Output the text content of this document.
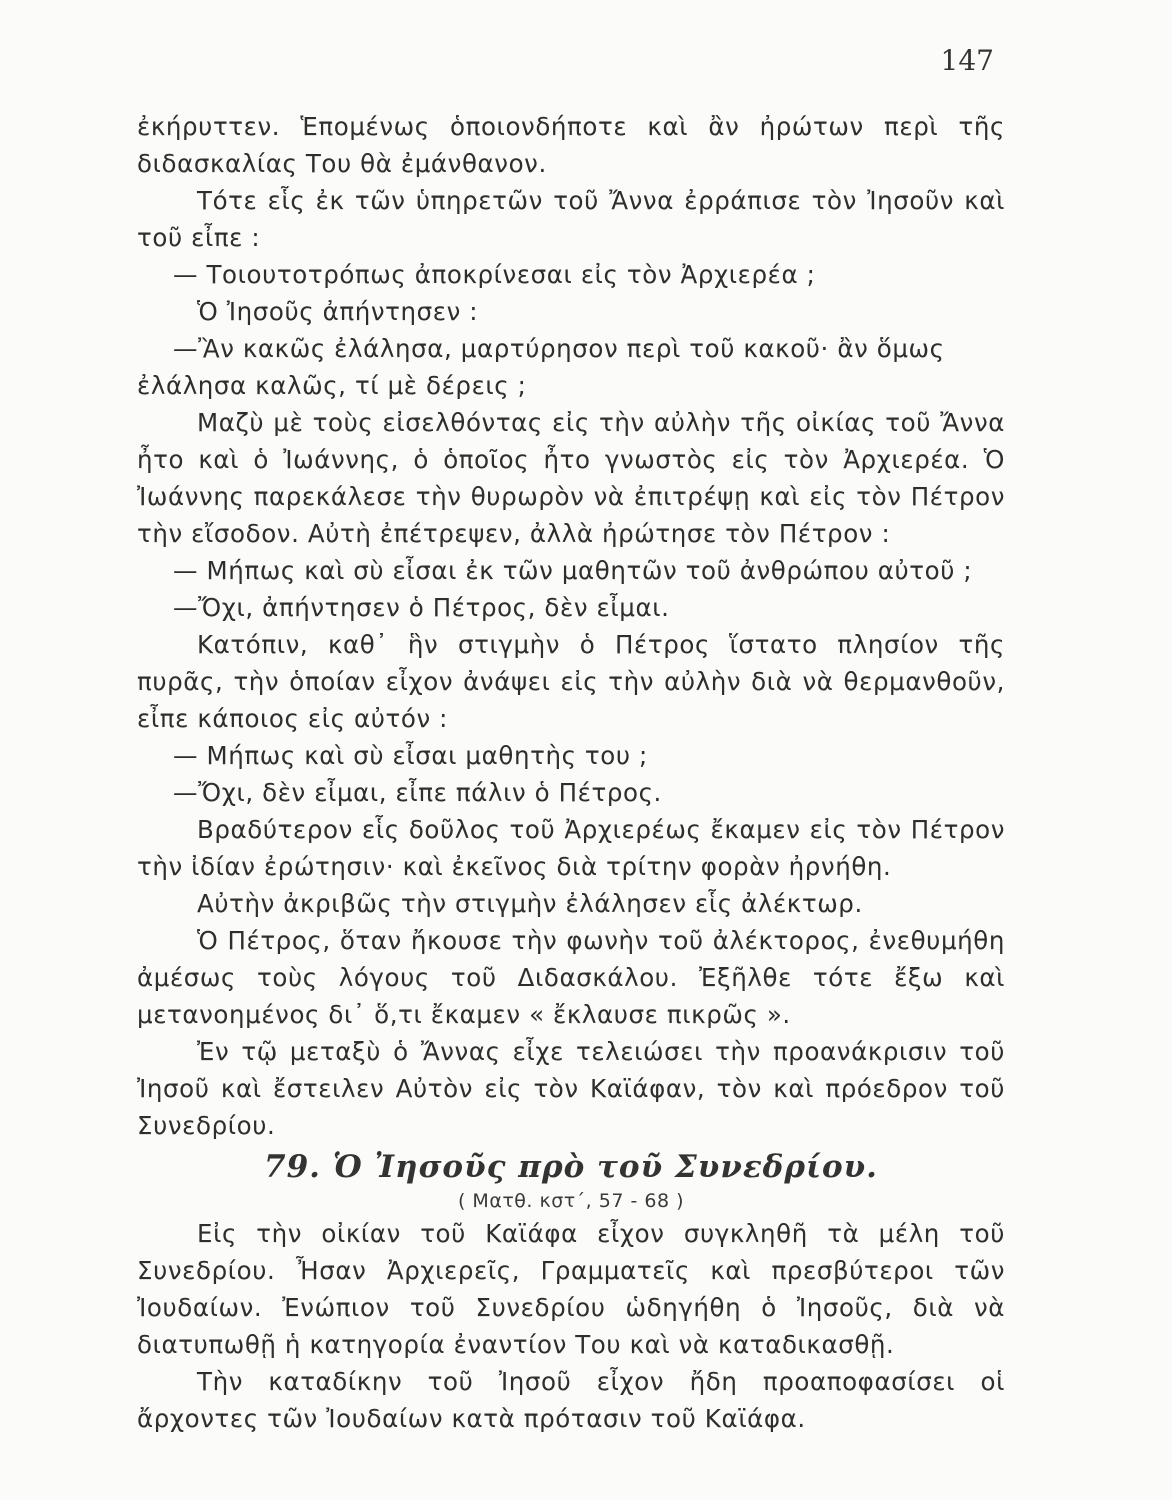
147

ἐκήρυττεν. Ἑπομένως ὁποιονδήποτε καὶ ἂν ἠρώτων περὶ τῆς διδασκαλίας Του θὰ ἐμάνθανον.

Τότε εἷς ἐκ τῶν ὑπηρετῶν τοῦ Ἄννα ἐρράπισε τὸν Ἰησοῦν καὶ τοῦ εἶπε :

— Τοιουτοτρόπως ἀποκρίνεσαι εἰς τὸν Ἀρχιερέα ;

Ὁ Ἰησοῦς ἀπήντησεν :

—Ἂν κακῶς ἐλάλησα, μαρτύρησον περὶ τοῦ κακοῦ· ἂν ὅμως ἐλάλησα καλῶς, τί μὲ δέρεις ;

Μαζὺ μὲ τοὺς εἰσελθόντας εἰς τὴν αὐλὴν τῆς οἰκίας τοῦ Ἄννα ἦτο καὶ ὁ Ἰωάννης, ὁ ὁποῖος ἦτο γνωστὸς εἰς τὸν Ἀρχιερέα. Ὁ Ἰωάννης παρεκάλεσε τὴν θυρωρὸν νὰ ἐπιτρέψῃ καὶ εἰς τὸν Πέτρον τὴν εἴσοδον. Αὐτὴ ἐπέτρεψεν, ἀλλὰ ἠρώτησε τὸν Πέτρον :

— Μήπως καὶ σὺ εἶσαι ἐκ τῶν μαθητῶν τοῦ ἀνθρώπου αὐτοῦ ;

—Ὄχι, ἀπήντησεν ὁ Πέτρος, δὲν εἶμαι.

Κατόπιν, καθ᾿ ἣν στιγμὴν ὁ Πέτρος ἵστατο πλησίον τῆς πυρᾶς, τὴν ὁποίαν εἶχον ἀνάψει εἰς τὴν αὐλὴν διὰ νὰ θερμανθοῦν, εἶπε κάποιος εἰς αὐτόν :

— Μήπως καὶ σὺ εἶσαι μαθητὴς του ;

—Ὄχι, δὲν εἶμαι, εἶπε πάλιν ὁ Πέτρος.

Βραδύτερον εἷς δοῦλος τοῦ Ἀρχιερέως ἔκαμεν εἰς τὸν Πέτρον τὴν ἰδίαν ἐρώτησιν· καὶ ἐκεῖνος διὰ τρίτην φορὰν ἠρνήθη.

Αὐτὴν ἀκριβῶς τὴν στιγμὴν ἐλάλησεν εἷς ἀλέκτωρ.

Ὁ Πέτρος, ὅταν ἤκουσε τὴν φωνὴν τοῦ ἀλέκτορος, ἐνεθυμήθη ἀμέσως τοὺς λόγους τοῦ Διδασκάλου. Ἐξῆλθε τότε ἔξω καὶ μετανοημένος δι᾿ ὅ,τι ἔκαμεν « ἔκλαυσε πικρῶς ».

Ἐν τῷ μεταξὺ ὁ Ἄννας εἶχε τελειώσει τὴν προανάκρισιν τοῦ Ἰησοῦ καὶ ἔστειλεν Αὐτὸν εἰς τὸν Καϊάφαν, τὸν καὶ πρόεδρον τοῦ Συνεδρίου.

79. Ὁ Ἰησοῦς πρὸ τοῦ Συνεδρίου.
( Ματθ. κστ΄, 57 - 68 )

Εἰς τὴν οἰκίαν τοῦ Καϊάφα εἶχον συγκληθῆ τὰ μέλη τοῦ Συνεδρίου. Ἦσαν Ἀρχιερεῖς, Γραμματεῖς καὶ πρεσβύτεροι τῶν Ἰουδαίων. Ἐνώπιον τοῦ Συνεδρίου ὡδηγήθη ὁ Ἰησοῦς, διὰ νὰ διατυπωθῇ ἡ κατηγορία ἐναντίον Του καὶ νὰ καταδικασθῇ.

Τὴν καταδίκην τοῦ Ἰησοῦ εἶχον ἤδη προαποφασίσει οἱ ἄρχοντες τῶν Ἰουδαίων κατὰ πρότασιν τοῦ Καϊάφα.
